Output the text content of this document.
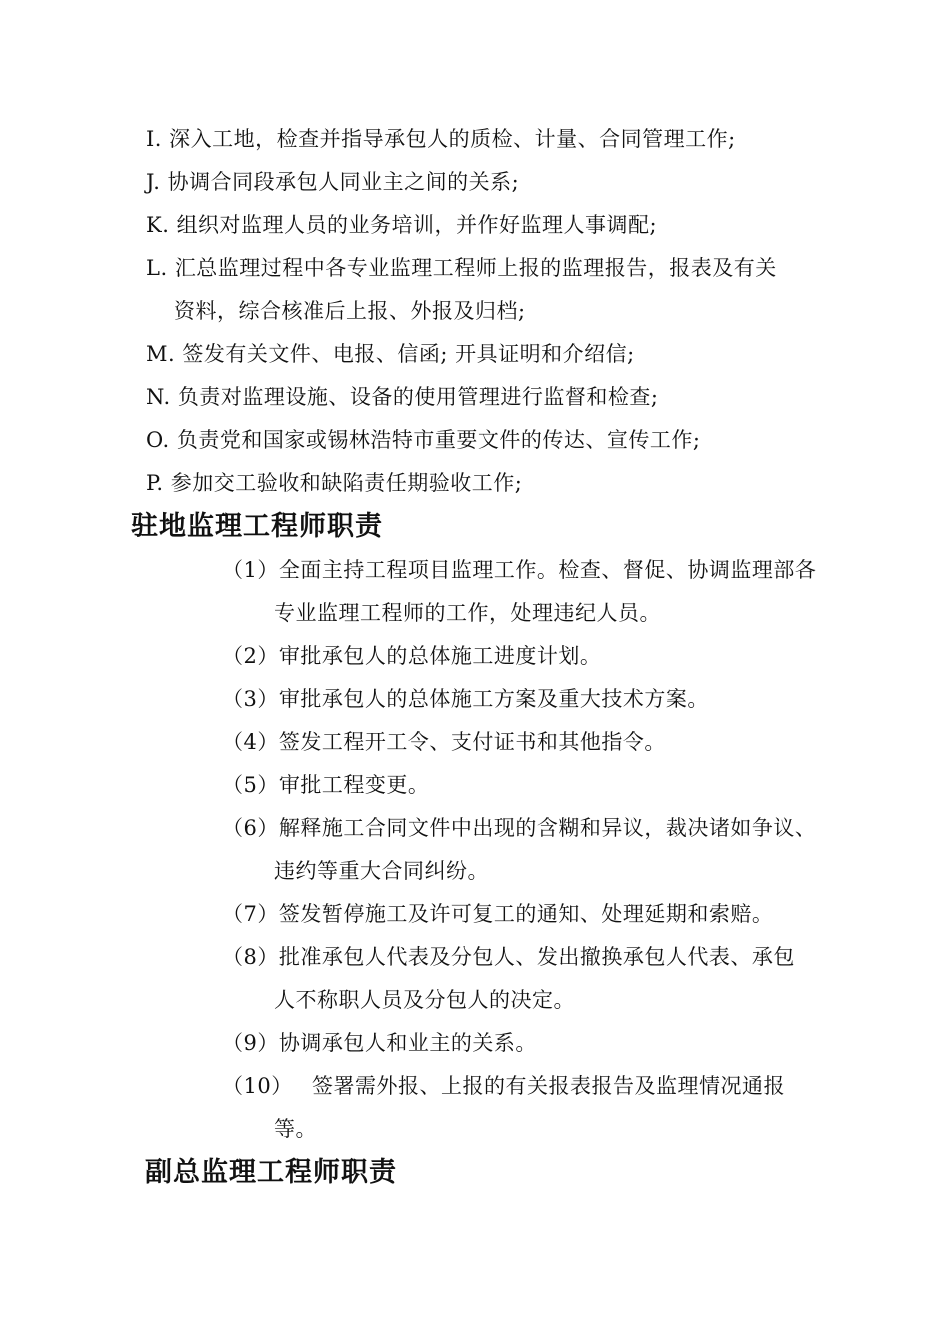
I. 深入工地，检查并指导承包人的质检、计量、合同管理工作;
J. 协调合同段承包人同业主之间的关系;
K. 组织对监理人员的业务培训，并作好监理人事调配;
L. 汇总监理过程中各专业监理工程师上报的监理报告，报表及有关
资料，综合核准后上报、外报及归档;
M. 签发有关文件、电报、信函; 开具证明和介绍信;
N. 负责对监理设施、设备的使用管理进行监督和检查;
O. 负责党和国家或锡林浩特市重要文件的传达、宣传工作;
P. 参加交工验收和缺陷责任期验收工作;
驻地监理工程师职责
（1）全面主持工程项目监理工作。检查、督促、协调监理部各
专业监理工程师的工作，处理违纪人员。
（2）审批承包人的总体施工进度计划。
（3）审批承包人的总体施工方案及重大技术方案。
（4）签发工程开工令、支付证书和其他指令。
（5）审批工程变更。
（6）解释施工合同文件中出现的含糊和异议，裁决诸如争议、
违约等重大合同纠纷。
（7）签发暂停施工及许可复工的通知、处理延期和索赔。
（8）批准承包人代表及分包人、发出撤换承包人代表、承包
人不称职人员及分包人的决定。
（9）协调承包人和业主的关系。
（10） 签署需外报、上报的有关报表报告及监理情况通报
等。
副总监理工程师职责
